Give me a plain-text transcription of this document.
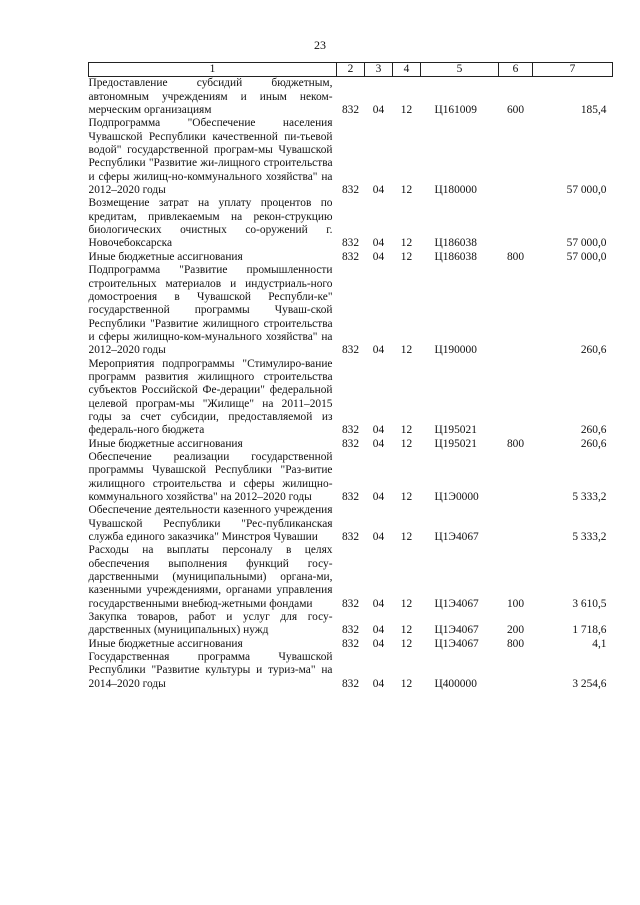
23
1	2	3	4	5	6	7
Предоставление субсидий бюджетным, автономным учреждениям и иным неком-мерческим организациям	832	04	12	Ц161009	600	185,4
Подпрограмма "Обеспечение населения Чувашской Республики качественной пи-тьевой водой" государственной програм-мы Чувашской Республики "Развитие жи-лищного строительства и сферы жилищ-но-коммунального хозяйства" на 2012–2020 годы	832	04	12	Ц180000		57 000,0
Возмещение затрат на уплату процентов по кредитам, привлекаемым на рекон-струкцию биологических очистных со-оружений г. Новочебоксарска	832	04	12	Ц186038		57 000,0
Иные бюджетные ассигнования	832	04	12	Ц186038	800	57 000,0
Подпрограмма "Развитие промышленности строительных материалов и индустриаль-ного домостроения в Чувашской Республи-ке" государственной программы Чуваш-ской Республики "Развитие жилищного строительства и сферы жилищно-ком-мунального хозяйства" на 2012–2020 годы	832	04	12	Ц190000		260,6
Мероприятия подпрограммы "Стимулиро-вание программ развития жилищного строительства субъектов Российской Фе-дерации" федеральной целевой програм-мы "Жилище" на 2011–2015 годы за счет субсидии, предоставляемой из федераль-ного бюджета	832	04	12	Ц195021		260,6
Иные бюджетные ассигнования	832	04	12	Ц195021	800	260,6
Обеспечение реализации государственной программы Чувашской Республики "Раз-витие жилищного строительства и сферы жилищно-коммунального хозяйства" на 2012–2020 годы	832	04	12	Ц1Э0000		5 333,2
Обеспечение деятельности казенного учреждения Чувашской Республики "Рес-публиканская служба единого заказчика" Минстроя Чувашии	832	04	12	Ц1Э4067		5 333,2
Расходы на выплаты персоналу в целях обеспечения выполнения функций госу-дарственными (муниципальными) органа-ми, казенными учреждениями, органами управления государственными внебюд-жетными фондами	832	04	12	Ц1Э4067	100	3 610,5
Закупка товаров, работ и услуг для госу-дарственных (муниципальных) нужд	832	04	12	Ц1Э4067	200	1 718,6
Иные бюджетные ассигнования	832	04	12	Ц1Э4067	800	4,1
Государственная программа Чувашской Республики "Развитие культуры и туриз-ма" на 2014–2020 годы	832	04	12	Ц400000		3 254,6
